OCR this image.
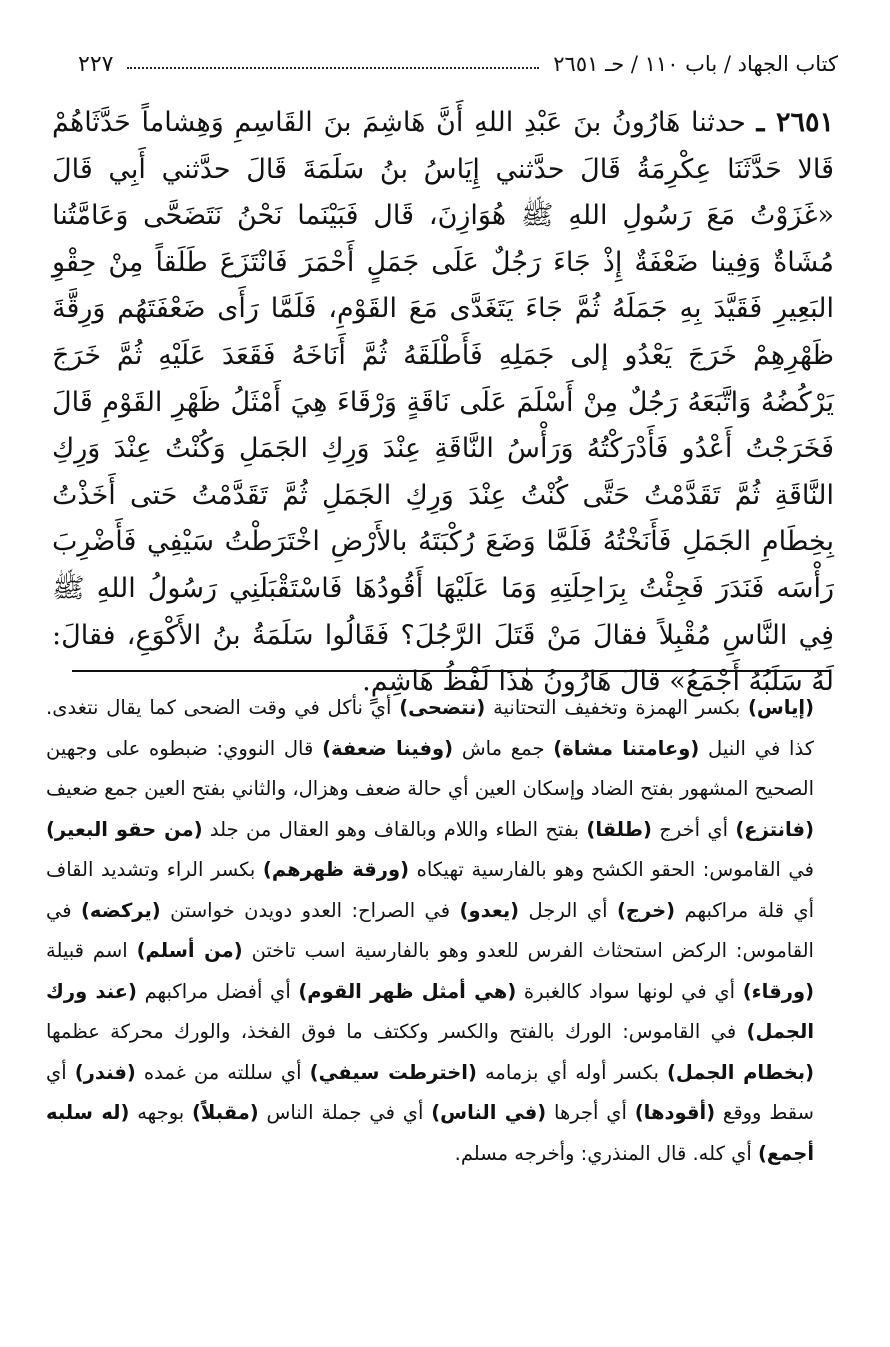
كتاب الجهاد / باب ١١٠ / حـ ٢٦٥١
٢٢٧
٢٦٥١ ـ حدثنا هَارُونُ بنَ عَبْدِ اللهِ أَنَّ هَاشِمَ بنَ القَاسِمِ وَهِشاماً حَدَّثَاهُمْ قَالا حَدَّثَنَا عِكْرِمَةُ قَالَ حدَّثني إِيَاسُ بنُ سَلَمَةَ قَالَ حدَّثني أَبِي قَالَ «غَزَوْتُ مَعَ رَسُولِ اللهِ ﷺ هُوَازِنَ، قَال فَبَيْنَما نَحْنُ نَتَضَحَّى وَعَامَّتُنا مُشَاةٌ وَفِينا ضَعْفَةٌ إِذْ جَاءَ رَجُلٌ عَلَى جَمَلٍ أَحْمَرَ فَانْتَزَعَ طَلَقاً مِنْ حِقْوِ البَعِيرِ فَقَيَّدَ بِهِ جَمَلَهُ ثُمَّ جَاءَ يَتَغَدَّى مَعَ القَوْمِ، فَلَمَّا رَأَى ضَعْفَتَهُم وَرِقَّةَ ظَهْرِهِمْ خَرَجَ يَعْدُو إلى جَمَلِهِ فَأَطْلَقَهُ ثُمَّ أَنَاخَهُ فَقَعَدَ عَلَيْهِ ثُمَّ خَرَجَ يَرْكُضُهُ وَاتَّبَعَهُ رَجُلٌ مِنْ أَسْلَمَ عَلَى نَاقَةٍ وَرْقَاءَ هِيَ أَمْثَلُ ظَهْرِ القَوْمِ قَالَ فَخَرَجْتُ أَعْدُو فَأَدْرَكْتُهُ وَرَأْسُ النَّاقَةِ عِنْدَ وَرِكِ الجَمَلِ وَكُنْتُ عِنْدَ وَرِكِ النَّاقَةِ ثُمَّ تَقَدَّمْتُ حَتَّى كُنْتُ عِنْدَ وَرِكِ الجَمَلِ ثُمَّ تَقَدَّمْتُ حَتى أَخَذْتُ بِخِطَامِ الجَمَلِ فَأَنَخْتُهُ فَلَمَّا وَضَعَ رُكْبَتَهُ بالأَرْضِ اخْتَرَطْتُ سَيْفِي فَأَضْرِبَ رَأْسَه فَنَدَرَ فَجِئْتُ بِرَاحِلَتِهِ وَمَا عَلَيْهَا أَقُودُهَا فَاسْتَقْبَلَنِي رَسُولُ اللهِ ﷺ فِي النَّاسِ مُقْبِلاً فقالَ مَنْ قَتَلَ الرَّجُلَ؟ فَقَالُوا سَلَمَةُ بنُ الأَكْوَعِ، فقالَ: لَهُ سَلَبُهُ أَجْمَعُ» قالَ هَارُونُ هٰذَا لَفْظُ هَاشِمٍ.
(إياس) بكسر الهمزة وتخفيف التحتانية (نتضحى) أي نأكل في وقت الضحى كما يقال نتغدى. كذا في النيل (وعامتنا مشاة) جمع ماش (وفينا ضعفة) قال النووي: ضبطوه على وجهين الصحيح المشهور بفتح الضاد وإسكان العين أي حالة ضعف وهزال، والثاني بفتح العين جمع ضعيف (فانتزع) أي أخرج (طلقا) بفتح الطاء واللام وبالقاف وهو العقال من جلد (من حقو البعير) في القاموس: الحقو الكشح وهو بالفارسية تهيكاه (ورقة ظهرهم) بكسر الراء وتشديد القاف أي قلة مراكبهم (خرج) أي الرجل (يعدو) في الصراح: العدو دويدن خواستن (يركضه) في القاموس: الركض استحثاث الفرس للعدو وهو بالفارسية اسب تاختن (من أسلم) اسم قبيلة (ورقاء) أي في لونها سواد كالغبرة (هي أمثل ظهر القوم) أي أفضل مراكبهم (عند ورك الجمل) في القاموس: الورك بالفتح والكسر وككتف ما فوق الفخذ، والورك محركة عظمها (بخطام الجمل) بكسر أوله أي بزمامه (اخترطت سيفي) أي سللته من غمده (فندر) أي سقط ووقع (أقودها) أي أجرها (في الناس) أي في جملة الناس (مقبلاً) بوجهه (له سلبه أجمع) أي كله. قال المنذري: وأخرجه مسلم.
